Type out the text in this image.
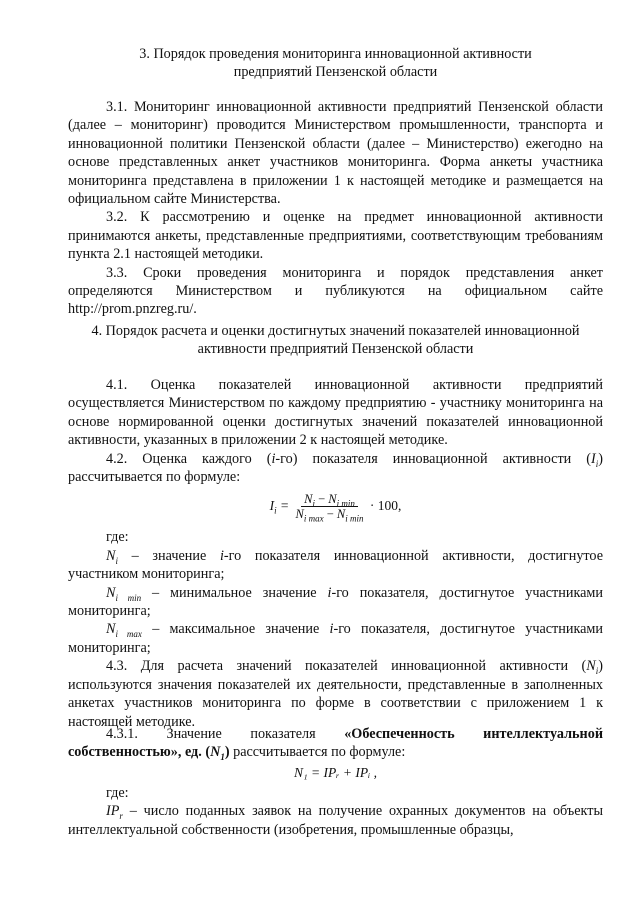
3. Порядок проведения мониторинга инновационной активности
предприятий Пензенской области

3.1. Мониторинг инновационной активности предприятий Пензенской области (далее – мониторинг) проводится Министерством промышленности, транспорта и инновационной политики Пензенской области (далее – Министерство) ежегодно на основе представленных анкет участников мониторинга. Форма анкеты участника мониторинга представлена в приложении 1 к настоящей методике и размещается на официальном сайте Министерства.

3.2. К рассмотрению и оценке на предмет инновационной активности принимаются анкеты, представленные предприятиями, соответствующим требованиям пункта 2.1 настоящей методики.

3.3. Сроки проведения мониторинга и порядок представления анкет определяются Министерством и публикуются на официальном сайте http://prom.pnzreg.ru/.

4. Порядок расчета и оценки достигнутых значений показателей инновационной
активности предприятий Пензенской области

4.1. Оценка показателей инновационной активности предприятий осуществляется Министерством по каждому предприятию - участнику мониторинга на основе нормированной оценки достигнутых значений показателей инновационной активности, указанных в приложении 2 к настоящей методике.

4.2. Оценка каждого (i-го) показателя инновационной активности $(I_i)$ рассчитывается по формуле:

$I_i = \frac{N_i - N_{i min}}{N_{i max} - N_{i min}} \cdot 100$,
где:

$N_i$ – значение i-го показателя инновационной активности, достигнутое участником мониторинга;

$N_{i min}$ – минимальное значение i-го показателя, достигнутое участниками мониторинга;

$N_{i max}$ – максимальное значение i-го показателя, достигнутое участниками мониторинга;

4.3. Для расчета значений показателей инновационной активности $(N_i)$ используются значения показателей их деятельности, представленные в заполненных анкетах участников мониторинга по форме в соответствии с приложением 1 к настоящей методике.

4.3.1. Значение показателя «Обеспеченность интеллектуальной собственностью», ед. $(N_1)$ рассчитывается по формуле:

N₁ = IPᵣ + IPᵢ ,
где:

$IP_r$ – число поданных заявок на получение охранных документов на объекты интеллектуальной собственности (изобретения, промышленные образцы,
